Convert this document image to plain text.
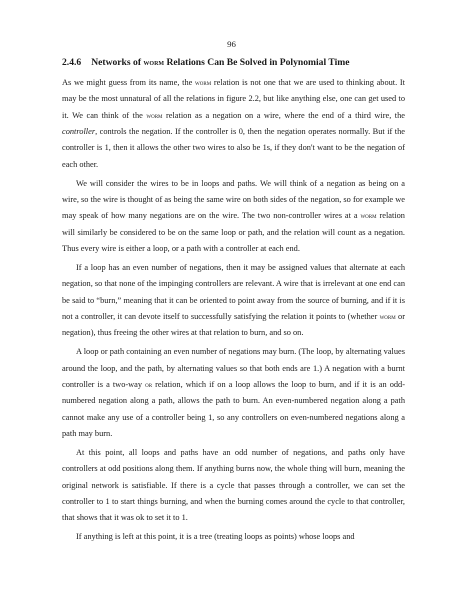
96
2.4.6 Networks of worm Relations Can Be Solved in Polynomial Time

As we might guess from its name, the worm relation is not one that we are used to thinking about. It may be the most unnatural of all the relations in figure 2.2, but like anything else, one can get used to it. We can think of the worm relation as a negation on a wire, where the end of a third wire, the controller, controls the negation. If the controller is 0, then the negation operates normally. But if the controller is 1, then it allows the other two wires to also be 1s, if they don't want to be the negation of each other.

We will consider the wires to be in loops and paths. We will think of a negation as being on a wire, so the wire is thought of as being the same wire on both sides of the negation, so for example we may speak of how many negations are on the wire. The two non-controller wires at a worm relation will similarly be considered to be on the same loop or path, and the relation will count as a negation. Thus every wire is either a loop, or a path with a controller at each end.

If a loop has an even number of negations, then it may be assigned values that alternate at each negation, so that none of the impinging controllers are relevant. A wire that is irrelevant at one end can be said to “burn,” meaning that it can be oriented to point away from the source of burning, and if it is not a controller, it can devote itself to successfully satisfying the relation it points to (whether worm or negation), thus freeing the other wires at that relation to burn, and so on.

A loop or path containing an even number of negations may burn. (The loop, by alternating values around the loop, and the path, by alternating values so that both ends are 1.) A negation with a burnt controller is a two-way or relation, which if on a loop allows the loop to burn, and if it is an odd-numbered negation along a path, allows the path to burn. An even-numbered negation along a path cannot make any use of a controller being 1, so any controllers on even-numbered negations along a path may burn.

At this point, all loops and paths have an odd number of negations, and paths only have controllers at odd positions along them. If anything burns now, the whole thing will burn, meaning the original network is satisfiable. If there is a cycle that passes through a controller, we can set the controller to 1 to start things burning, and when the burning comes around the cycle to that controller, that shows that it was ok to set it to 1.

If anything is left at this point, it is a tree (treating loops as points) whose loops and
